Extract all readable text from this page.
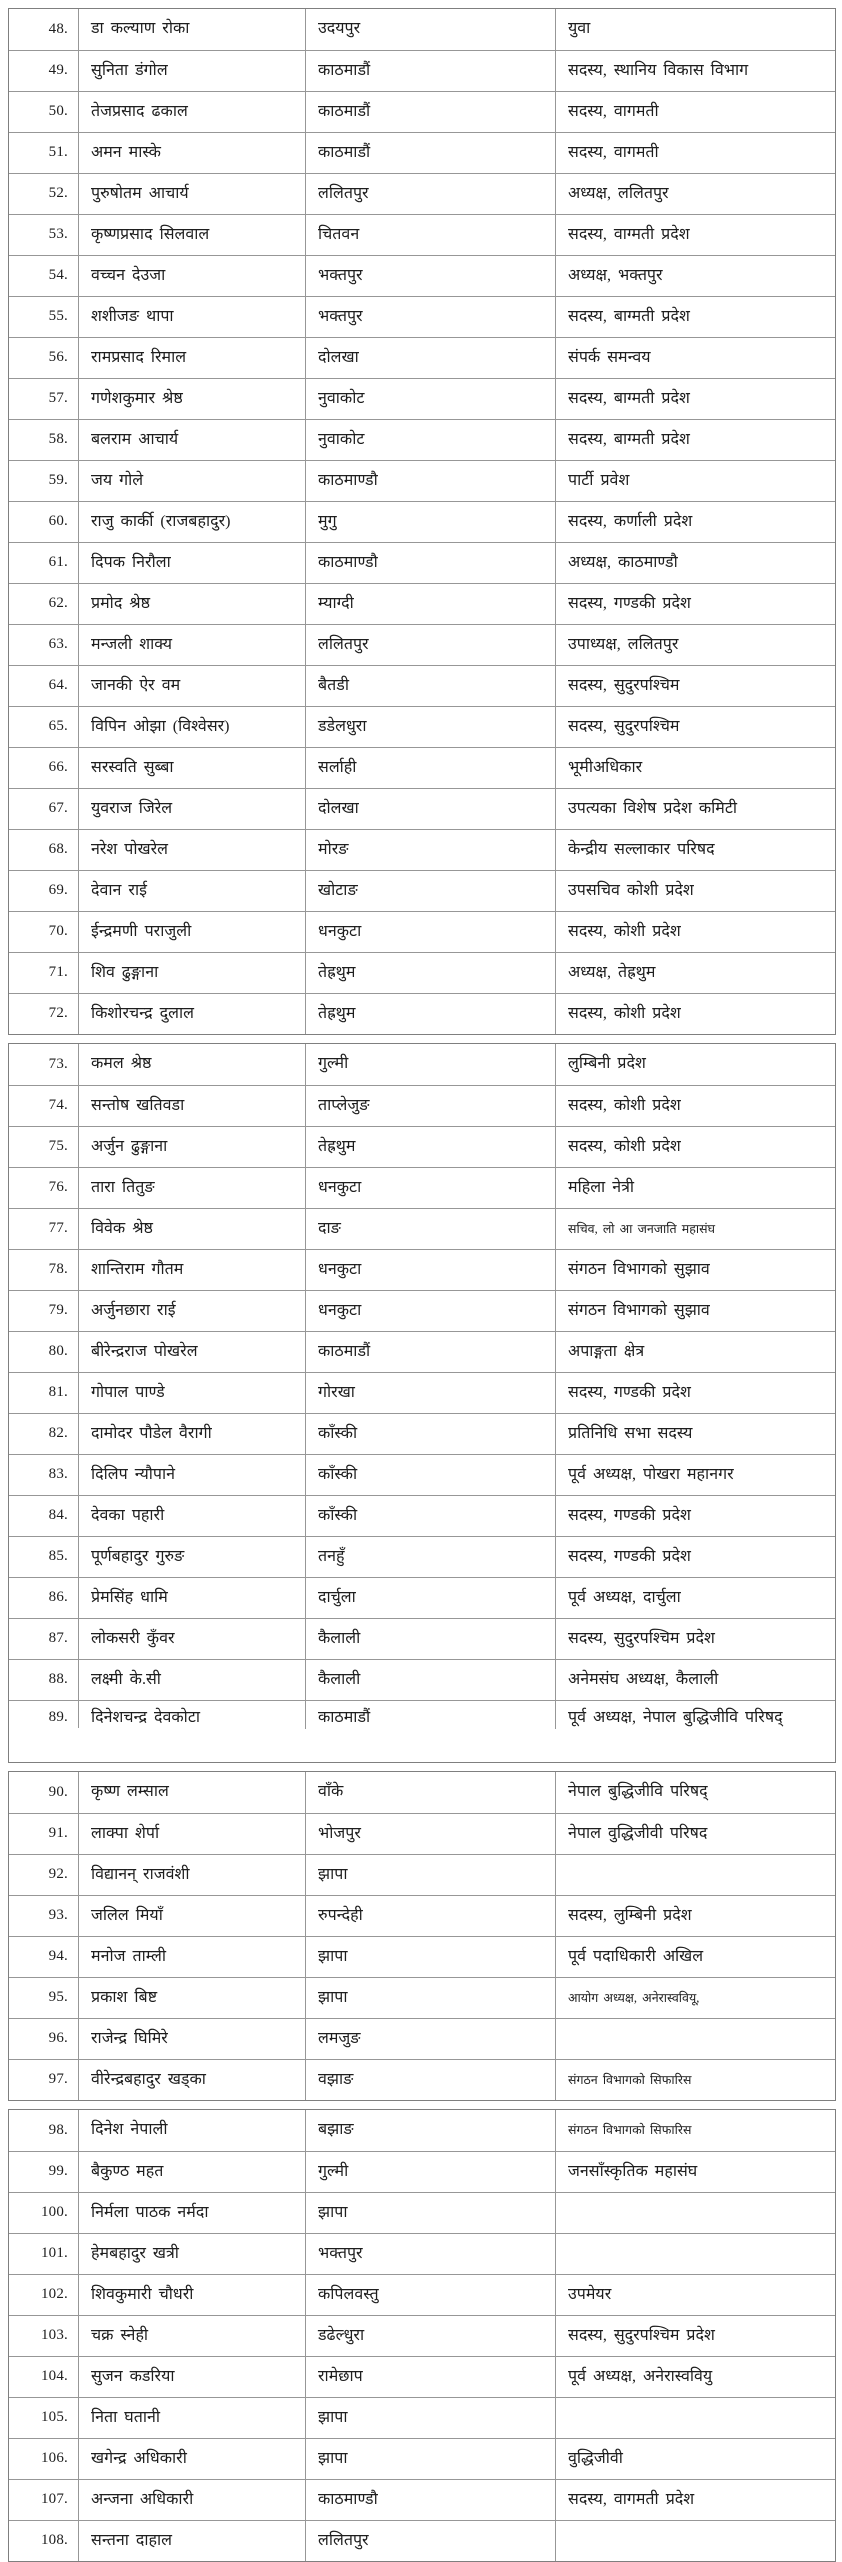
48.	डा कल्याण रोका	उदयपुर	युवा
49.	सुनिता डंगोल	काठमाडौं	सदस्य, स्थानिय विकास विभाग
50.	तेजप्रसाद ढकाल	काठमाडौं	सदस्य, वागमती
51.	अमन मास्के	काठमाडौं	सदस्य, वागमती
52.	पुरुषोतम आचार्य	ललितपुर	अध्यक्ष, ललितपुर
53.	कृष्णप्रसाद सिलवाल	चितवन	सदस्य, वाग्मती प्रदेश
54.	वच्चन देउजा	भक्तपुर	अध्यक्ष, भक्तपुर
55.	शशीजङ थापा	भक्तपुर	सदस्य, बाग्मती प्रदेश
56.	रामप्रसाद रिमाल	दोलखा	संपर्क समन्वय
57.	गणेशकुमार श्रेष्ठ	नुवाकोट	सदस्य, बाग्मती प्रदेश
58.	बलराम आचार्य	नुवाकोट	सदस्य, बाग्मती प्रदेश
59.	जय गोले	काठमाण्डौ	पार्टी प्रवेश
60.	राजु कार्की (राजबहादुर)	मुगु	सदस्य, कर्णाली प्रदेश
61.	दिपक निरौला	काठमाण्डौ	अध्यक्ष, काठमाण्डौ
62.	प्रमोद श्रेष्ठ	म्याग्दी	सदस्य, गण्डकी प्रदेश
63.	मन्जली शाक्य	ललितपुर	उपाध्यक्ष, ललितपुर
64.	जानकी ऐर वम	बैतडी	सदस्य, सुदुरपश्चिम
65.	विपिन ओझा (विश्वेसर)	डडेलधुरा	सदस्य, सुदुरपश्चिम
66.	सरस्वति सुब्बा	सर्लाही	भूमीअधिकार
67.	युवराज जिरेल	दोलखा	उपत्यका विशेष प्रदेश कमिटी
68.	नरेश पोखरेल	मोरङ	केन्द्रीय सल्लाकार परिषद
69.	देवान राई	खोटाङ	उपसचिव कोशी प्रदेश
70.	ईन्द्रमणी पराजुली	धनकुटा	सदस्य, कोशी प्रदेश
71.	शिव ढुङ्गाना	तेह्रथुम	अध्यक्ष, तेह्रथुम
72.	किशोरचन्द्र दुलाल	तेह्रथुम	सदस्य, कोशी प्रदेश
73.	कमल श्रेष्ठ	गुल्मी	लुम्बिनी प्रदेश
74.	सन्तोष खतिवडा	ताप्लेजुङ	सदस्य, कोशी प्रदेश
75.	अर्जुन ढुङ्गाना	तेह्रथुम	सदस्य, कोशी प्रदेश
76.	तारा तितुङ	धनकुटा	महिला नेत्री
77.	विवेक श्रेष्ठ	दाङ	सचिव, लो आ जनजाति महासंघ
78.	शान्तिराम गौतम	धनकुटा	संगठन विभागको सुझाव
79.	अर्जुनछारा राई	धनकुटा	संगठन विभागको सुझाव
80.	बीरेन्द्रराज पोखरेल	काठमाडौं	अपाङ्गता क्षेत्र
81.	गोपाल पाण्डे	गोरखा	सदस्य, गण्डकी प्रदेश
82.	दामोदर पौडेल वैरागी	काँस्की	प्रतिनिधि सभा सदस्य
83.	दिलिप न्यौपाने	काँस्की	पूर्व अध्यक्ष, पोखरा महानगर
84.	देवका पहारी	काँस्की	सदस्य, गण्डकी प्रदेश
85.	पूर्णबहादुर गुरुङ	तनहुँ	सदस्य, गण्डकी प्रदेश
86.	प्रेमसिंह धामि	दार्चुला	पूर्व अध्यक्ष, दार्चुला
87.	लोकसरी कुँवर	कैलाली	सदस्य, सुदुरपश्चिम प्रदेश
88.	लक्ष्मी के.सी	कैलाली	अनेमसंघ अध्यक्ष, कैलाली
89.	दिनेशचन्द्र देवकोटा	काठमाडौं	पूर्व अध्यक्ष, नेपाल बुद्धिजीवि परिषद्
90.	कृष्ण लम्साल	वाँके	नेपाल बुद्धिजीवि परिषद्
91.	लाक्पा शेर्पा	भोजपुर	नेपाल वुद्धिजीवी परिषद
92.	विद्यानन् राजवंशी	झापा
93.	जलिल मियाँ	रुपन्देही	सदस्य, लुम्बिनी प्रदेश
94.	मनोज ताम्ली	झापा	पूर्व पदाधिकारी अखिल
95.	प्रकाश बिष्ट	झापा	आयोग अध्यक्ष, अनेरास्ववियू,
96.	राजेन्द्र घिमिरे	लमजुङ
97.	वीरेन्द्रबहादुर खड्का	वझाङ	संगठन विभागको सिफारिस
98.	दिनेश नेपाली	बझाङ	संगठन विभागको सिफारिस
99.	बैकुण्ठ महत	गुल्मी	जनसाँस्कृतिक महासंघ
100.	निर्मला पाठक नर्मदा	झापा
101.	हेमबहादुर खत्री	भक्तपुर
102.	शिवकुमारी चौधरी	कपिलवस्तु	उपमेयर
103.	चक्र स्नेही	डढेल्धुरा	सदस्य, सुदुरपश्चिम प्रदेश
104.	सुजन कडरिया	रामेछाप	पूर्व अध्यक्ष, अनेरास्ववियु
105.	निता घतानी	झापा
106.	खगेन्द्र अधिकारी	झापा	वुद्धिजीवी
107.	अन्जना अधिकारी	काठमाण्डौ	सदस्य, वागमती प्रदेश
108.	सन्तना दाहाल	ललितपुर
